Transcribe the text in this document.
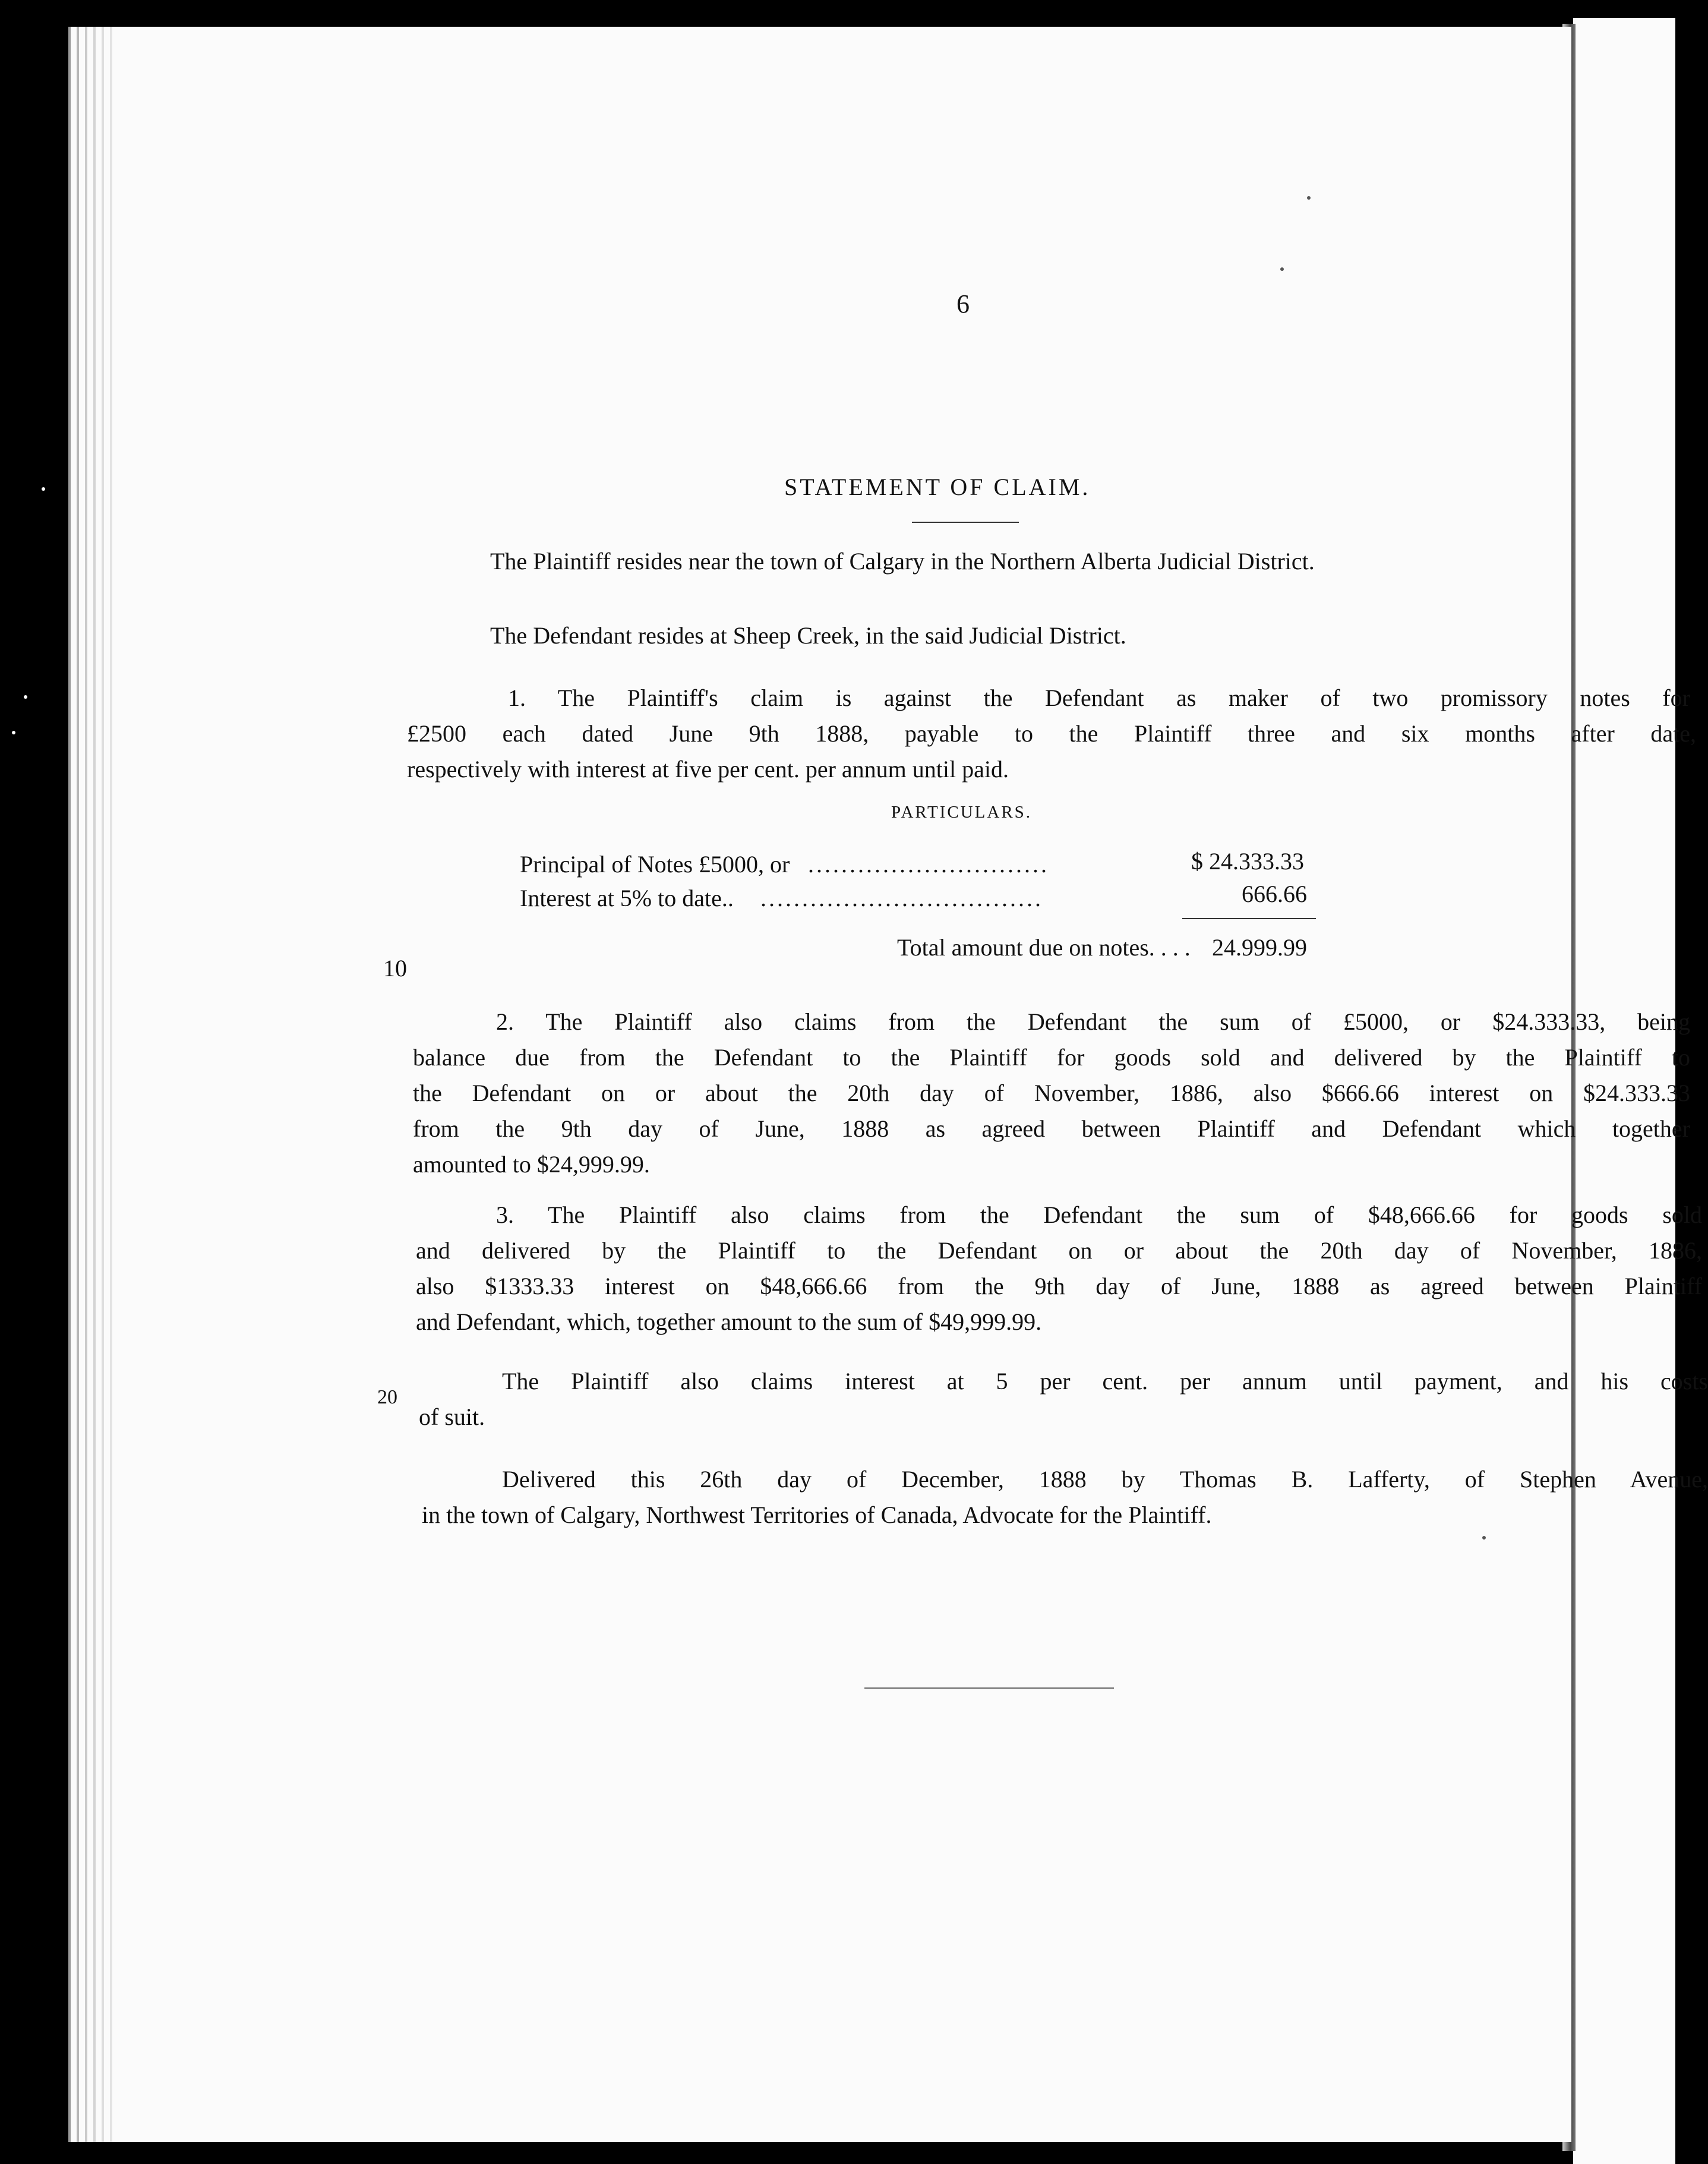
6
STATEMENT OF CLAIM.
The Plaintiff resides near the town of Calgary in the Northern Alberta Judicial District.
The Defendant resides at Sheep Creek, in the said Judicial District.
1. The Plaintiff's claim is against the Defendant as maker of two promissory notes for
£2500 each dated June 9th 1888, payable to the Plaintiff three and six months after date,
respectively with interest at five per cent. per annum until paid.
PARTICULARS.
Principal of Notes £5000, or .............................	$ 24.333.33
Interest at 5% to date.. ..................................	666.66
10
Total amount due on notes. . . . 24.999.99
2. The Plaintiff also claims from the Defendant the sum of £5000, or $24.333.33, being
balance due from the Defendant to the Plaintiff for goods sold and delivered by the Plaintiff to
the Defendant on or about the 20th day of November, 1886, also $666.66 interest on $24.333.33
from the 9th day of June, 1888 as agreed between Plaintiff and Defendant which together
amounted to $24,999.99.
3. The Plaintiff also claims from the Defendant the sum of $48,666.66 for goods sold
and delivered by the Plaintiff to the Defendant on or about the 20th day of November, 1886,
also $1333.33 interest on $48,666.66 from the 9th day of June, 1888 as agreed between Plaintiff
and Defendant, which, together amount to the sum of $49,999.99.
20
The Plaintiff also claims interest at 5 per cent. per annum until payment, and his costs
of suit.
Delivered this 26th day of December, 1888 by Thomas B. Lafferty, of Stephen Avenue,
in the town of Calgary, Northwest Territories of Canada, Advocate for the Plaintiff.
